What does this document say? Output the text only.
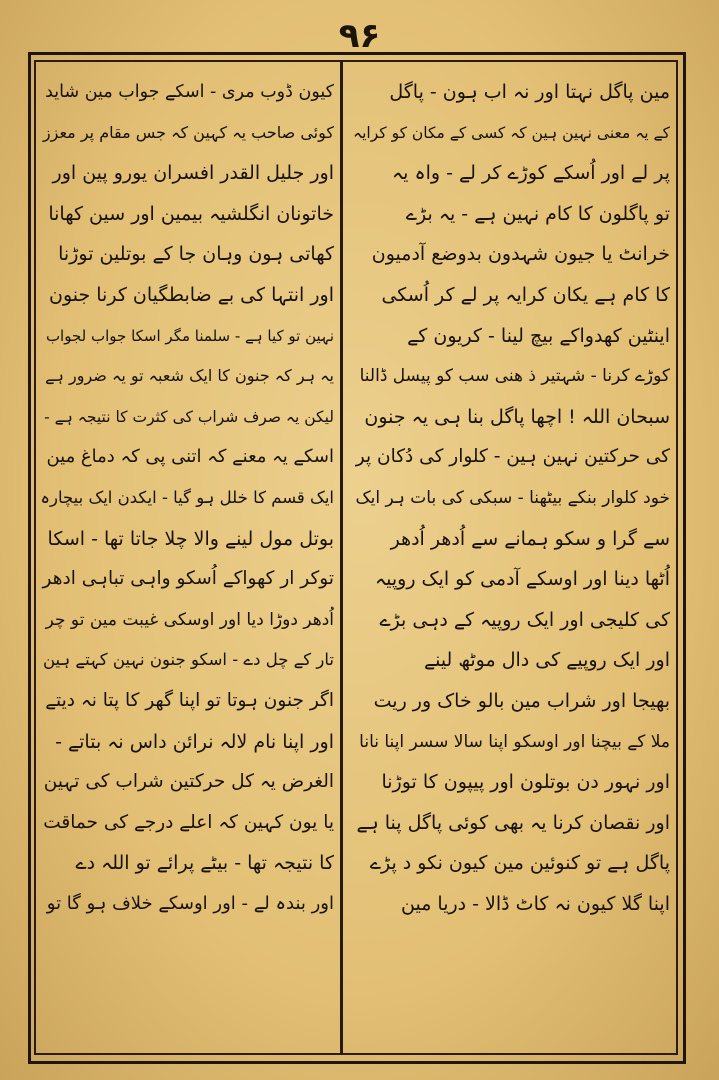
۹۶
مین پاگل نہتا اور نہ اب ہون - پاگل
کے یہ معنی نہین ہین کہ کسی کے مکان کو کرایہ
پر لے اور اُسکے کوڑے کر لے - واہ یہ
تو پاگلون کا کام نہین ہے - یہ بڑے
خرانٹ یا جیون شہدون بدوضع آدمیون
کا کام ہے یکان کرایہ پر لے کر اُسکی
اینٹین کھدواکے بیچ لینا - کریون کے
کوڑے کرنا - شہتیر ذ ھنی سب کو پیسل ڈالنا
سبحان اللہ ! اچھا پاگل بنا ہی یہ جنون
کی حرکتین نہین ہین - کلوار کی دُکان پر
خود کلوار بنکے بیٹھنا - سبکی کی بات ہر ایک
سے گرا و سکو ہمانے سے اُدھر اُدھر
اُٹھا دینا اور اوسکے آدمی کو ایک روپیہ
کی کلیجی اور ایک روپیہ کے دہی بڑے
اور ایک روپیے کی دال موٹھ لینے
بھیجا اور شراب مین بالو خاک ور ریت
ملا کے بیچنا اور اوسکو اپنا سالا سسر اپنا نانا
اور نہور دن بوتلون اور پیپون کا توڑنا
اور نقصان کرنا یہ بھی کوئی پاگل پنا ہے
پاگل ہے تو کنوئین مین کیون نکو د پڑے
اپنا گلا کیون نہ کاٹ ڈالا - دریا مین
کیون ڈوب مری - اسکے جواب مین شاید
کوئی صاحب یہ کہین کہ جس مقام پر معزز
اور جلیل القدر افسران یورو پین اور
خاتونان انگلشیہ بیمین اور سین کھانا
کھاتی ہون وہان جا کے بوتلین توڑنا
اور انتہا کی بے ضابطگیان کرنا جنون
نہین تو کیا ہے - سلمنا مگر اسکا جواب لجواب
یہ ہر کہ جنون کا ایک شعبہ تو یہ ضرور ہے
لیکن یہ صرف شراب کی کثرت کا نتیجہ ہے -
اسکے یہ معنے کہ اتنی پی کہ دماغ مین
ایک قسم کا خلل ہو گیا - ایکدن ایک بیچارہ
بوتل مول لینے والا چلا جاتا تھا - اسکا
توکر ار کھواکے اُسکو واہی تباہی ادھر
اُدھر دوڑا دیا اور اوسکی غیبت مین تو چر
تار کے چل دے - اسکو جنون نہین کہتے ہین
اگر جنون ہوتا تو اپنا گھر کا پتا نہ دیتے
اور اپنا نام لالہ نرائن داس نہ بتاتے -
الغرض یہ کل حرکتین شراب کی تہین
یا یون کہین کہ اعلے درجے کی حماقت
کا نتیجہ تھا - بیٹے پرائے تو اللہ دے
اور بندہ لے - اور اوسکے خلاف ہو گا تو
